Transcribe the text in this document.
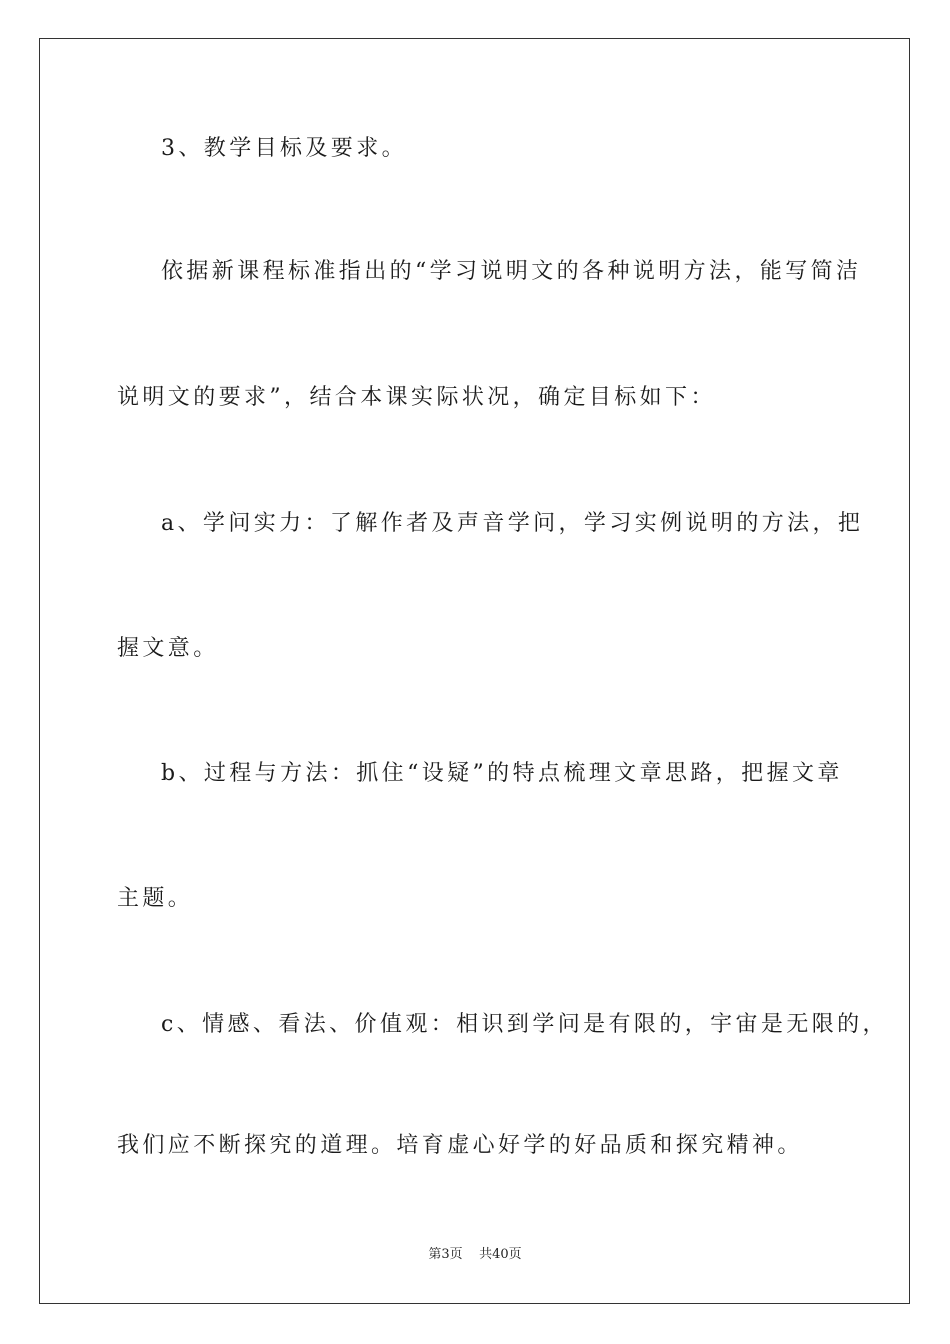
3、教学目标及要求。
依据新课程标准指出的“学习说明文的各种说明方法，能写简洁
说明文的要求”，结合本课实际状况，确定目标如下：
a、学问实力：了解作者及声音学问，学习实例说明的方法，把
握文意。
b、过程与方法：抓住“设疑”的特点梳理文章思路，把握文章
主题。
c、情感、看法、价值观：相识到学问是有限的，宇宙是无限的，
我们应不断探究的道理。培育虚心好学的好品质和探究精神。
第3页    共40页
